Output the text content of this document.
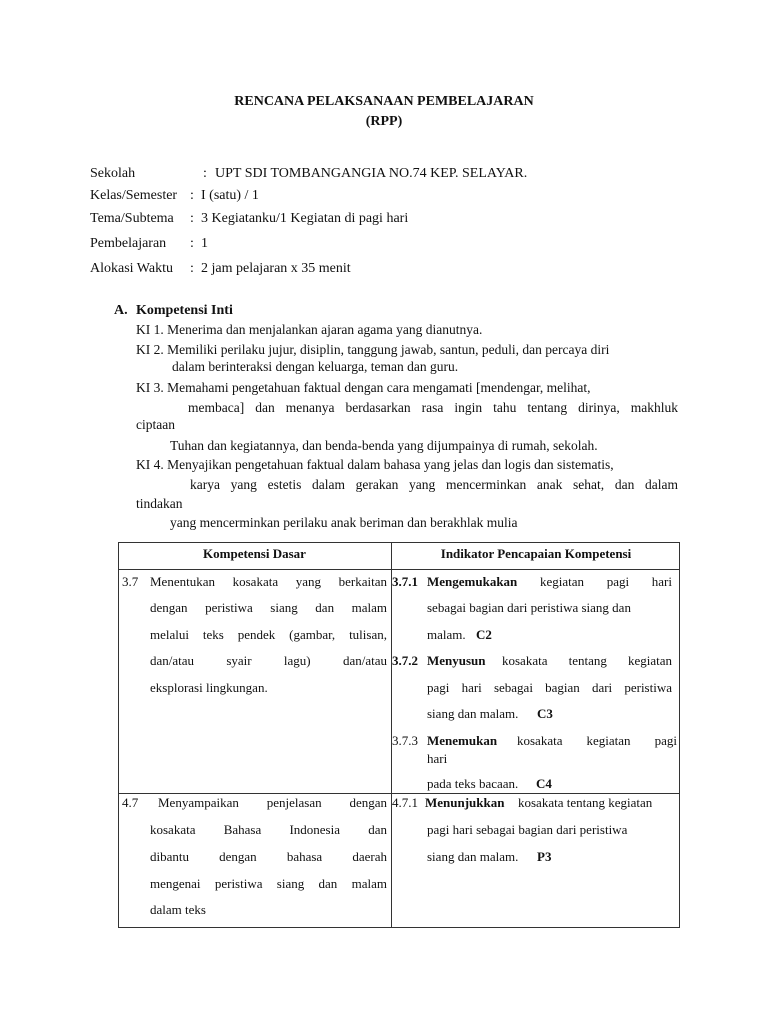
RENCANA PELAKSANAAN PEMBELAJARAN
(RPP)
Sekolah	: UPT SDI TOMBANGANGIA NO.74 KEP. SELAYAR.
Kelas/Semester : I (satu) / 1
Tema/Subtema : 3 Kegiatanku/1 Kegiatan di pagi hari
Pembelajaran : 1
Alokasi Waktu : 2 jam pelajaran x 35 menit
A. Kompetensi Inti
KI 1. Menerima dan menjalankan ajaran agama yang dianutnya.
KI 2. Memiliki perilaku jujur, disiplin, tanggung jawab, santun, peduli, dan percaya diri
dalam berinteraksi dengan keluarga, teman dan guru.
KI 3. Memahami pengetahuan faktual dengan cara mengamati [mendengar, melihat,
membaca] dan menanya berdasarkan rasa ingin tahu tentang dirinya, makhluk
ciptaan
Tuhan dan kegiatannya, dan benda-benda yang dijumpainya di rumah, sekolah.
KI 4. Menyajikan pengetahuan faktual dalam bahasa yang jelas dan logis dan sistematis,
karya yang estetis dalam gerakan yang mencerminkan anak sehat, dan dalam
tindakan
yang mencerminkan perilaku anak beriman dan berakhlak mulia
Kompetensi Dasar	Indikator Pencapaian Kompetensi
3.7 Menentukan kosakata yang berkaitan
dengan peristiwa siang dan malam
melalui teks pendek (gambar, tulisan,
dan/atau syair lagu) dan/atau
eksplorasi lingkungan.
3.7.1 Mengemukakan kegiatan pagi hari
sebagai bagian dari peristiwa siang dan
malam. C2
3.7.2 Menyusun kosakata tentang kegiatan
pagi hari sebagai bagian dari peristiwa
siang dan malam. C3
3.7.3 Menemukan kosakata kegiatan pagi
hari
pada teks bacaan. C4
4.7 Menyampaikan penjelasan dengan
kosakata Bahasa Indonesia dan
dibantu dengan bahasa daerah
mengenai peristiwa siang dan malam
dalam teks
4.7.1 Menunjukkan kosakata tentang kegiatan
pagi hari sebagai bagian dari peristiwa
siang dan malam. P3
